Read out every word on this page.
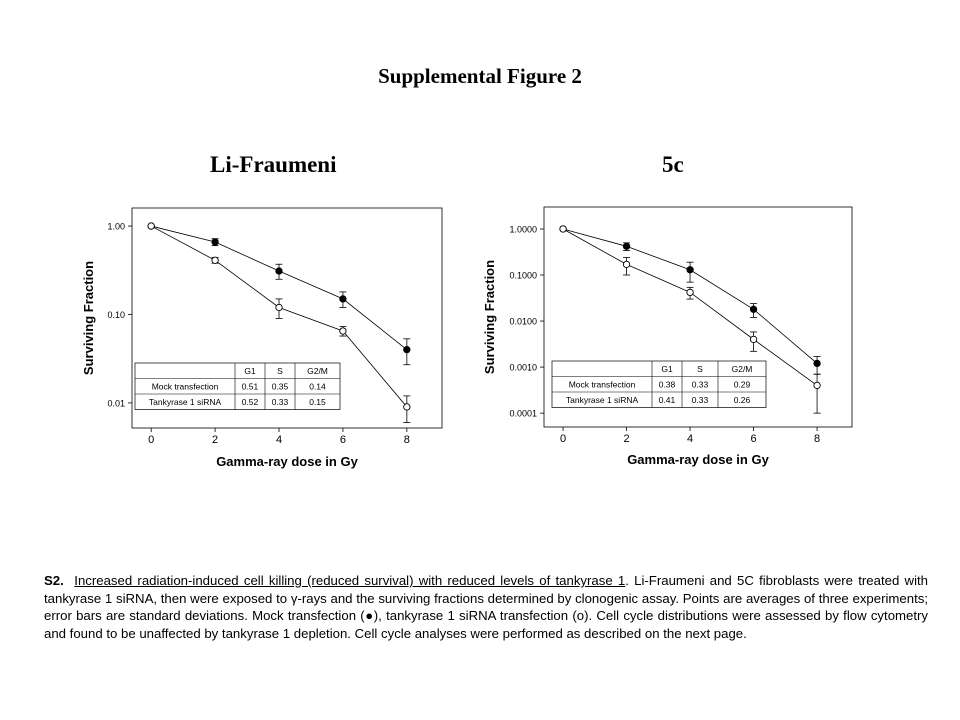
Supplemental Figure 2
Li-Fraumeni	5c
0	2	4	6	8
1.00
0.10
0.01
Gamma-ray dose in Gy
Surviving Fraction	G1	S	G2/M
Mock transfection	0.51 0.35 0.14
Tankyrase 1 siRNA 0.52 0.33 0.15
0	2	4	6	8
1.0000
0.1000
0.0100
0.0010
0.0001
Gamma-ray dose in Gy
Surviving Fraction	G1	S	G2/M
Mock transfection	0.38 0.33	0.29
Tankyrase 1 siRNA 0.41 0.33	0.26
S2. Increased radiation-induced cell killing (reduced survival) with reduced levels of tankyrase 1. Li-Fraumeni and 5C fibroblasts were treated with tankyrase 1 siRNA, then were exposed to γ-rays and the surviving fractions determined by clonogenic assay. Points are averages of three experiments; error bars are standard deviations. Mock transfection (●), tankyrase 1 siRNA transfection (o). Cell cycle distributions were assessed by flow cytometry and found to be unaffected by tankyrase 1 depletion. Cell cycle analyses were performed as described on the next page.
